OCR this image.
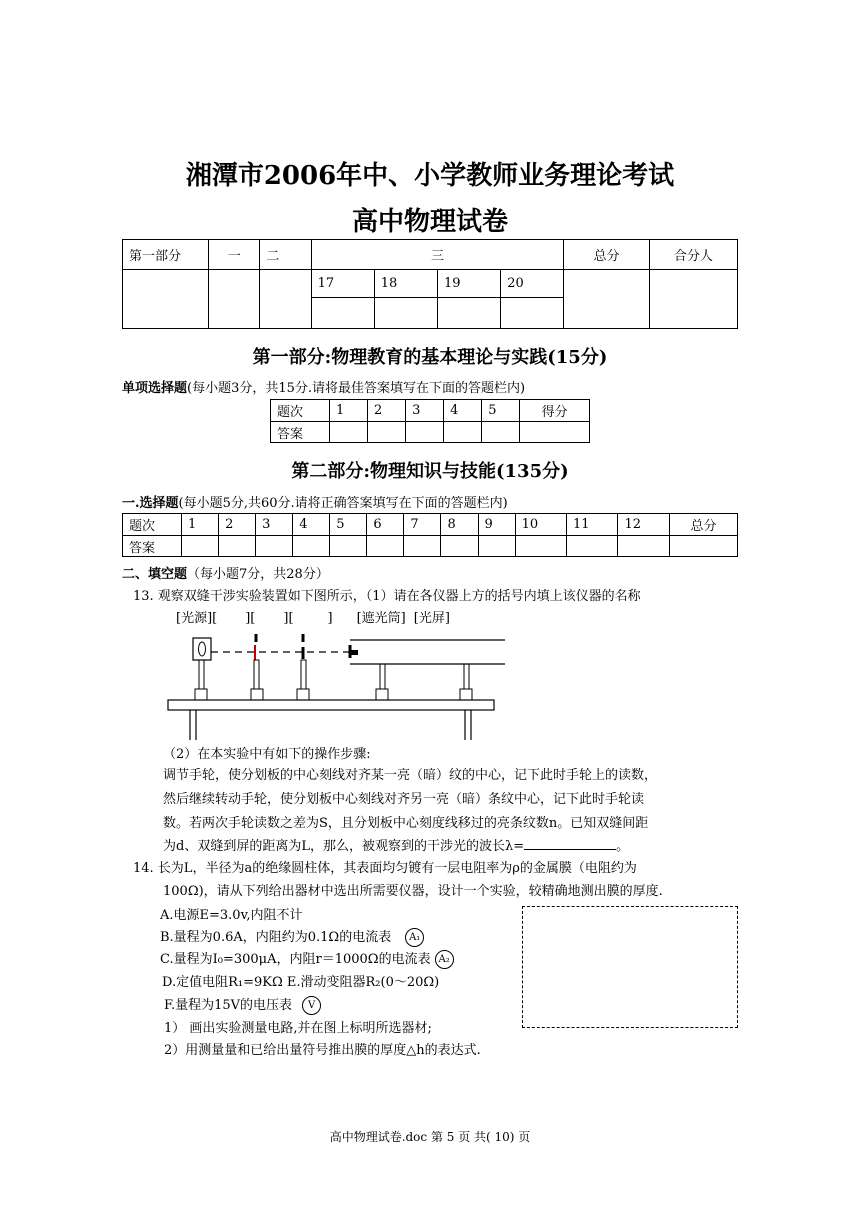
湘潭市2006年中、小学教师业务理论考试
高中物理试卷
第一部分	一	二	三				总分	合分人
			17	18	19	20		

第一部分:物理教育的基本理论与实践(15分)
单项选择题(每小题3分，共15分.请将最佳答案填写在下面的答题栏内)
题次	1	2	3	4	5	得分
答案						
第二部分:物理知识与技能(135分)
一.选择题(每小题5分,共60分.请将正确答案填写在下面的答题栏内)
题次	1	2	3	4	5	6	7	8	9	10	11	12	总分
答案													
二、填空题（每小题7分，共28分）
13. 观察双缝干涉实验装置如下图所示，（1）请在各仪器上方的括号内填上该仪器的名称
[光源][ ][ ][	] [遮光筒] [光屏]
（2）在本实验中有如下的操作步骤:
调节手轮，使分划板的中心刻线对齐某一亮（暗）纹的中心，记下此时手轮上的读数，
然后继续转动手轮，使分划板中心刻线对齐另一亮（暗）条纹中心，记下此时手轮读
数。若两次手轮读数之差为S，且分划板中心刻度线移过的亮条纹数n。已知双缝间距
为d、双缝到屏的距离为L，那么，被观察到的干涉光的波长λ=	。
14. 长为L，半径为a的绝缘圆柱体，其表面均匀镀有一层电阻率为ρ的金属膜（电阻约为
100Ω)，请从下列给出器材中选出所需要仪器，设计一个实验，较精确地测出膜的厚度.
A.电源E=3.0v,内阻不计
B.量程为0.6A，内阻约为0.1Ω的电流表 A₁
C.量程为I₀=300μA，内阻r＝1000Ω的电流表 A₂
D.定值电阻R₁=9KΩ E.滑动变阻器R₂(0～20Ω)
F.量程为15V的电压表 V
1） 画出实验测量电路,并在图上标明所选器材;
2）用测量量和已给出量符号推出膜的厚度△h的表达式.
高中物理试卷.doc 第 5 页 共( 10) 页
